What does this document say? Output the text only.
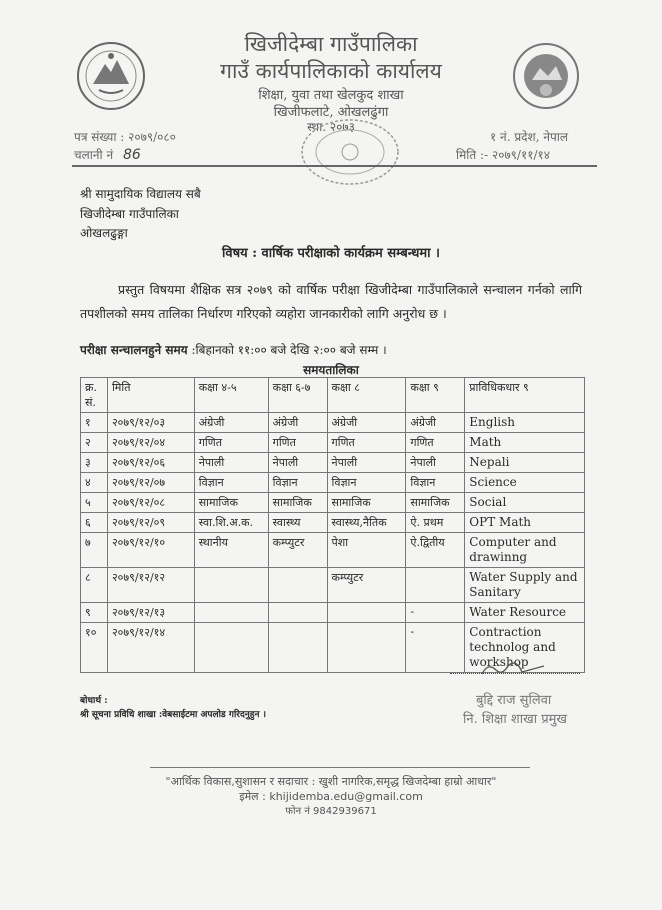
खिजीदेम्बा गाउँपालिका
गाउँ कार्यपालिकाको कार्यालय
शिक्षा, युवा तथा खेलकुद शाखा
खिजीफलाटे, ओखलढुंगा
स्था. २०७३
पत्र संख्या : २०७९/०८०
चलानी नं 86
१ नं. प्रदेश, नेपाल
मिति :- २०७९/११/१४
श्री सामुदायिक विद्यालय सबै
खिजीदेम्बा गाउँपालिका
ओखलढुङ्गा
विषय : वार्षिक परीक्षाको कार्यक्रम सम्बन्धमा ।
प्रस्तुत विषयमा शैक्षिक सत्र २०७९ को वार्षिक परीक्षा खिजीदेम्बा गाउँपालिकाले सन्चालन गर्नको लागि तपशीलको समय तालिका निर्धारण गरिएको व्यहोरा जानकारीको लागि अनुरोध छ ।
परीक्षा सन्चालनहुने समय :बिहानको ११:०० बजे देखि २:०० बजे सम्म ।
समयतालिका
क्र. सं.	मिति	कक्षा ४-५	कक्षा ६-७	कक्षा ८	कक्षा ९	प्राविधिकधार ९
१	२०७९/१२/०३	अंग्रेजी	अंग्रेजी	अंग्रेजी	अंग्रेजी	English
२	२०७९/१२/०४	गणित	गणित	गणित	गणित	Math
३	२०७९/१२/०६	नेपाली	नेपाली	नेपाली	नेपाली	Nepali
४	२०७९/१२/०७	विज्ञान	विज्ञान	विज्ञान	विज्ञान	Science
५	२०७९/१२/०८	सामाजिक	सामाजिक	सामाजिक	सामाजिक	Social
६	२०७९/१२/०९	स्वा.शि.अ.क.	स्वास्थ्य	स्वास्थ्य,नैतिक	ऐ. प्रथम	OPT Math
७	२०७९/१२/१०	स्थानीय	कम्प्युटर	पेशा	ऐ.द्वितीय	Computer and drawinng
८	२०७९/१२/१२			कम्प्युटर		Water Supply and Sanitary
९	२०७९/१२/१३				-	Water Resource
१०	२०७९/१२/१४				-	Contraction technolog and workshop
बुद्दि राज सुलिवा
नि. शिक्षा शाखा प्रमुख
बोधार्थ :
श्री सूचना प्रविधि शाखा :वेबसाईटमा अपलोड गरिदनुहुन ।
"आर्थिक विकास,सुशासन र सदाचार : खुशी नागरिक,समृद्ध खिजदेम्बा हाम्रो आधार"
इमेल : khijidemba.edu@gmail.com
फोन नं 9842939671
